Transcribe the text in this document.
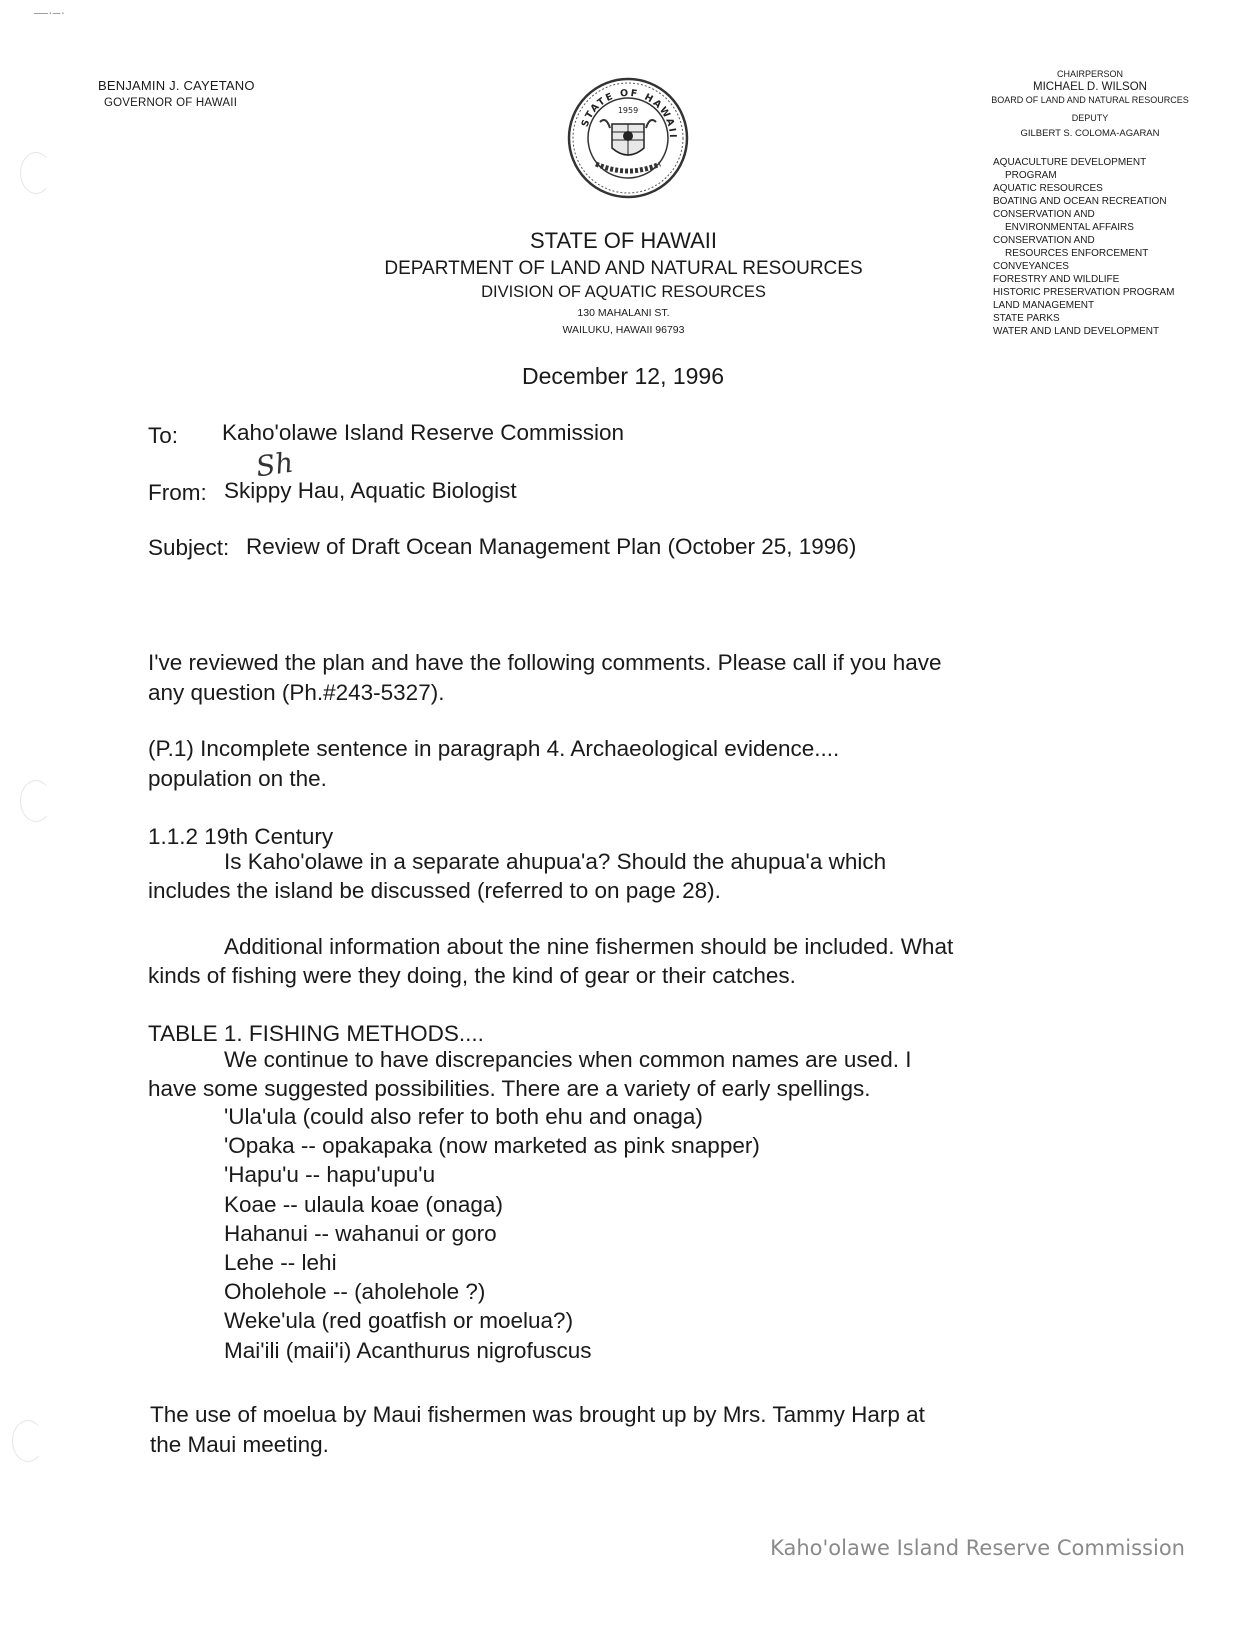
—·‒·
BENJAMIN J. CAYETANO
GOVERNOR OF HAWAII
STATE OF HAWAII
1959
STATE OF HAWAII
DEPARTMENT OF LAND AND NATURAL RESOURCES
DIVISION OF AQUATIC RESOURCES
130 MAHALANI ST.
WAILUKU, HAWAII 96793
CHAIRPERSON
MICHAEL D. WILSON
BOARD OF LAND AND NATURAL RESOURCES
DEPUTY
GILBERT S. COLOMA-AGARAN
AQUACULTURE DEVELOPMENT
PROGRAM
AQUATIC RESOURCES
BOATING AND OCEAN RECREATION
CONSERVATION AND
ENVIRONMENTAL AFFAIRS
CONSERVATION AND
RESOURCES ENFORCEMENT
CONVEYANCES
FORESTRY AND WILDLIFE
HISTORIC PRESERVATION PROGRAM
LAND MANAGEMENT
STATE PARKS
WATER AND LAND DEVELOPMENT
December 12, 1996
To: Kaho'olawe Island Reserve Commission
From: Skippy Hau, Aquatic Biologist
Sh
Subject: Review of Draft Ocean Management Plan (October 25, 1996)
I've reviewed the plan and have the following comments. Please call if you have
any question (Ph.#243-5327).
(P.1) Incomplete sentence in paragraph 4. Archaeological evidence....
population on the.
1.1.2 19th Century
Is Kaho'olawe in a separate ahupua'a? Should the ahupua'a which
includes the island be discussed (referred to on page 28).
Additional information about the nine fishermen should be included. What
kinds of fishing were they doing, the kind of gear or their catches.
TABLE 1. FISHING METHODS....
We continue to have discrepancies when common names are used. I
have some suggested possibilities. There are a variety of early spellings.
'Ula'ula (could also refer to both ehu and onaga)
'Opaka -- opakapaka (now marketed as pink snapper)
'Hapu'u -- hapu'upu'u
Koae -- ulaula koae (onaga)
Hahanui -- wahanui or goro
Lehe -- lehi
Oholehole -- (aholehole ?)
Weke'ula (red goatfish or moelua?)
Mai'ili (maii'i) Acanthurus nigrofuscus
The use of moelua by Maui fishermen was brought up by Mrs. Tammy Harp at
the Maui meeting.
Kaho'olawe Island Reserve Commission
